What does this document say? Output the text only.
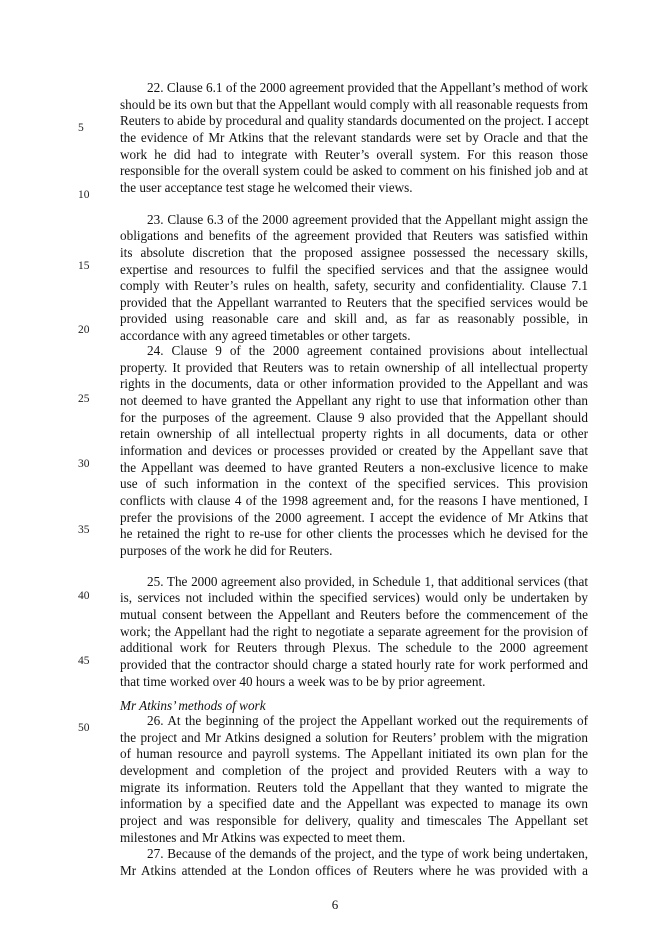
22. Clause 6.1 of the 2000 agreement provided that the Appellant’s method of work
should be its own but that the Appellant would comply with all reasonable requests from
Reuters to abide by procedural and quality standards documented on the project. I accept
the evidence of Mr Atkins that the relevant standards were set by Oracle and that the
work he did had to integrate with Reuter’s overall system. For this reason those
responsible for the overall system could be asked to comment on his finished job and at
the user acceptance test stage he welcomed their views.
23. Clause 6.3 of the 2000 agreement provided that the Appellant might assign the
obligations and benefits of the agreement provided that Reuters was satisfied within
its absolute discretion that the proposed assignee possessed the necessary skills,
expertise and resources to fulfil the specified services and that the assignee would
comply with Reuter’s rules on health, safety, security and confidentiality. Clause 7.1
provided that the Appellant warranted to Reuters that the specified services would be
provided using reasonable care and skill and, as far as reasonably possible, in
accordance with any agreed timetables or other targets.
24. Clause 9 of the 2000 agreement contained provisions about intellectual
property. It provided that Reuters was to retain ownership of all intellectual property
rights in the documents, data or other information provided to the Appellant and was
not deemed to have granted the Appellant any right to use that information other than
for the purposes of the agreement. Clause 9 also provided that the Appellant should
retain ownership of all intellectual property rights in all documents, data or other
information and devices or processes provided or created by the Appellant save that
the Appellant was deemed to have granted Reuters a non-exclusive licence to make
use of such information in the context of the specified services. This provision
conflicts with clause 4 of the 1998 agreement and, for the reasons I have mentioned, I
prefer the provisions of the 2000 agreement. I accept the evidence of Mr Atkins that
he retained the right to re-use for other clients the processes which he devised for the
purposes of the work he did for Reuters.
25. The 2000 agreement also provided, in Schedule 1, that additional services (that
is, services not included within the specified services) would only be undertaken by
mutual consent between the Appellant and Reuters before the commencement of the
work; the Appellant had the right to negotiate a separate agreement for the provision of
additional work for Reuters through Plexus. The schedule to the 2000 agreement
provided that the contractor should charge a stated hourly rate for work performed and
that time worked over 40 hours a week was to be by prior agreement.
Mr Atkins’ methods of work
26. At the beginning of the project the Appellant worked out the requirements of
the project and Mr Atkins designed a solution for Reuters’ problem with the migration
of human resource and payroll systems. The Appellant initiated its own plan for the
development and completion of the project and provided Reuters with a way to
migrate its information. Reuters told the Appellant that they wanted to migrate the
information by a specified date and the Appellant was expected to manage its own
project and was responsible for delivery, quality and timescales The Appellant set
milestones and Mr Atkins was expected to meet them.
27. Because of the demands of the project, and the type of work being undertaken,
Mr Atkins attended at the London offices of Reuters where he was provided with a
5
10
15
20
25
30
35
40
45
50
6
